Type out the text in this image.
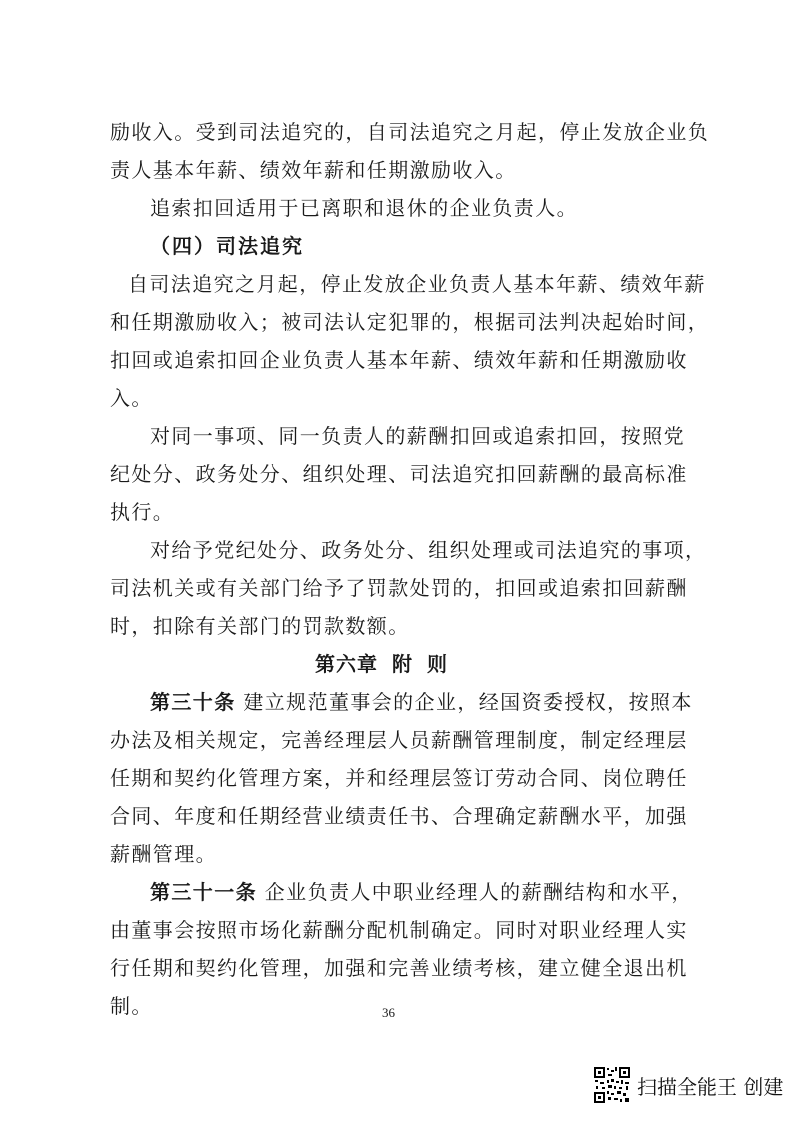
励收入。受到司法追究的，自司法追究之月起，停止发放企业负
责人基本年薪、绩效年薪和任期激励收入。
追索扣回适用于已离职和退休的企业负责人。
（四）司法追究
自司法追究之月起，停止发放企业负责人基本年薪、绩效年薪
和任期激励收入；被司法认定犯罪的，根据司法判决起始时间，
扣回或追索扣回企业负责人基本年薪、绩效年薪和任期激励收
入。
对同一事项、同一负责人的薪酬扣回或追索扣回，按照党
纪处分、政务处分、组织处理、司法追究扣回薪酬的最高标准
执行。
对给予党纪处分、政务处分、组织处理或司法追究的事项，
司法机关或有关部门给予了罚款处罚的，扣回或追索扣回薪酬
时，扣除有关部门的罚款数额。
第六章 附 则
第三十条 建立规范董事会的企业，经国资委授权，按照本
办法及相关规定，完善经理层人员薪酬管理制度，制定经理层
任期和契约化管理方案，并和经理层签订劳动合同、岗位聘任
合同、年度和任期经营业绩责任书、合理确定薪酬水平，加强
薪酬管理。
第三十一条 企业负责人中职业经理人的薪酬结构和水平，
由董事会按照市场化薪酬分配机制确定。同时对职业经理人实
行任期和契约化管理，加强和完善业绩考核，建立健全退出机
制。	36
扫描全能王 创建
